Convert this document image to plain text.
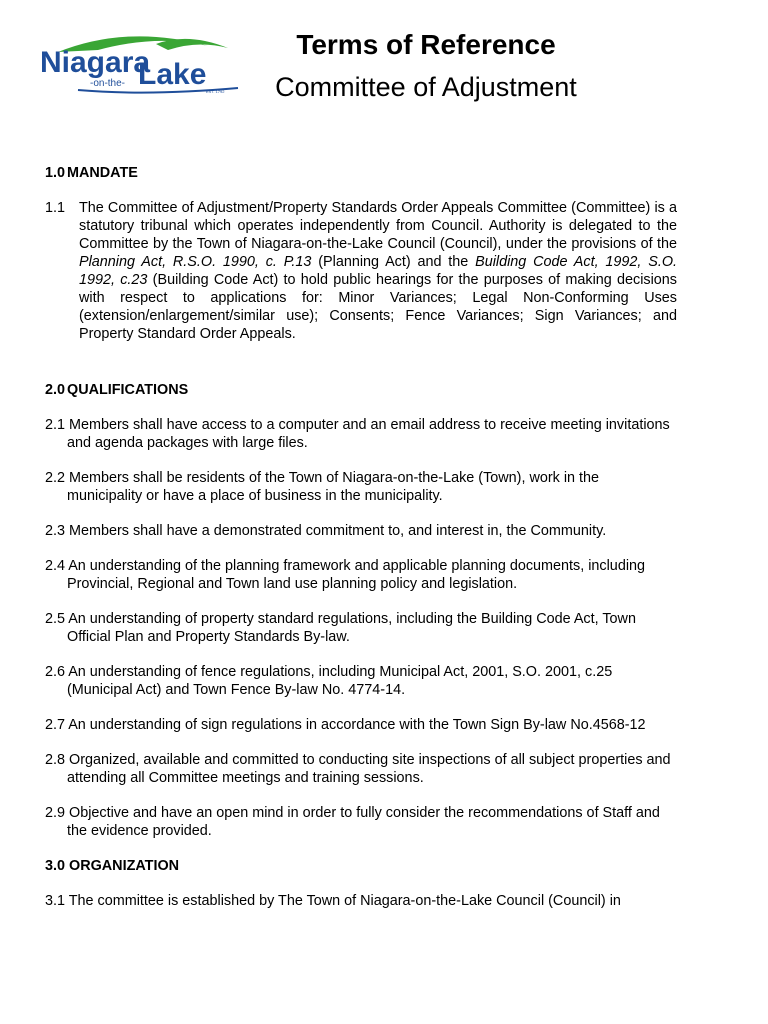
Niagara
-on-the- Lake
EST. 1792
Terms of Reference
Committee of Adjustment

1.0 MANDATE

1.1 The Committee of Adjustment/Property Standards Order Appeals Committee (Committee) is a statutory tribunal which operates independently from Council. Authority is delegated to the Committee by the Town of Niagara-on-the-Lake Council (Council), under the provisions of the Planning Act, R.S.O. 1990, c. P.13 (Planning Act) and the Building Code Act, 1992, S.O. 1992, c.23 (Building Code Act) to hold public hearings for the purposes of making decisions with respect to applications for: Minor Variances; Legal Non-Conforming Uses (extension/enlargement/similar use); Consents; Fence Variances; Sign Variances; and Property Standard Order Appeals.

2.0 QUALIFICATIONS

2.1 Members shall have access to a computer and an email address to receive meeting invitations and agenda packages with large files.

2.2 Members shall be residents of the Town of Niagara-on-the-Lake (Town), work in the municipality or have a place of business in the municipality.

2.3 Members shall have a demonstrated commitment to, and interest in, the Community.

2.4 An understanding of the planning framework and applicable planning documents, including Provincial, Regional and Town land use planning policy and legislation.

2.5 An understanding of property standard regulations, including the Building Code Act, Town Official Plan and Property Standards By-law.

2.6 An understanding of fence regulations, including Municipal Act, 2001, S.O. 2001, c.25 (Municipal Act) and Town Fence By-law No. 4774-14.

2.7 An understanding of sign regulations in accordance with the Town Sign By-law No.4568-12

2.8 Organized, available and committed to conducting site inspections of all subject properties and attending all Committee meetings and training sessions.

2.9 Objective and have an open mind in order to fully consider the recommendations of Staff and the evidence provided.

3.0 ORGANIZATION

3.1 The committee is established by The Town of Niagara-on-the-Lake Council (Council) in
